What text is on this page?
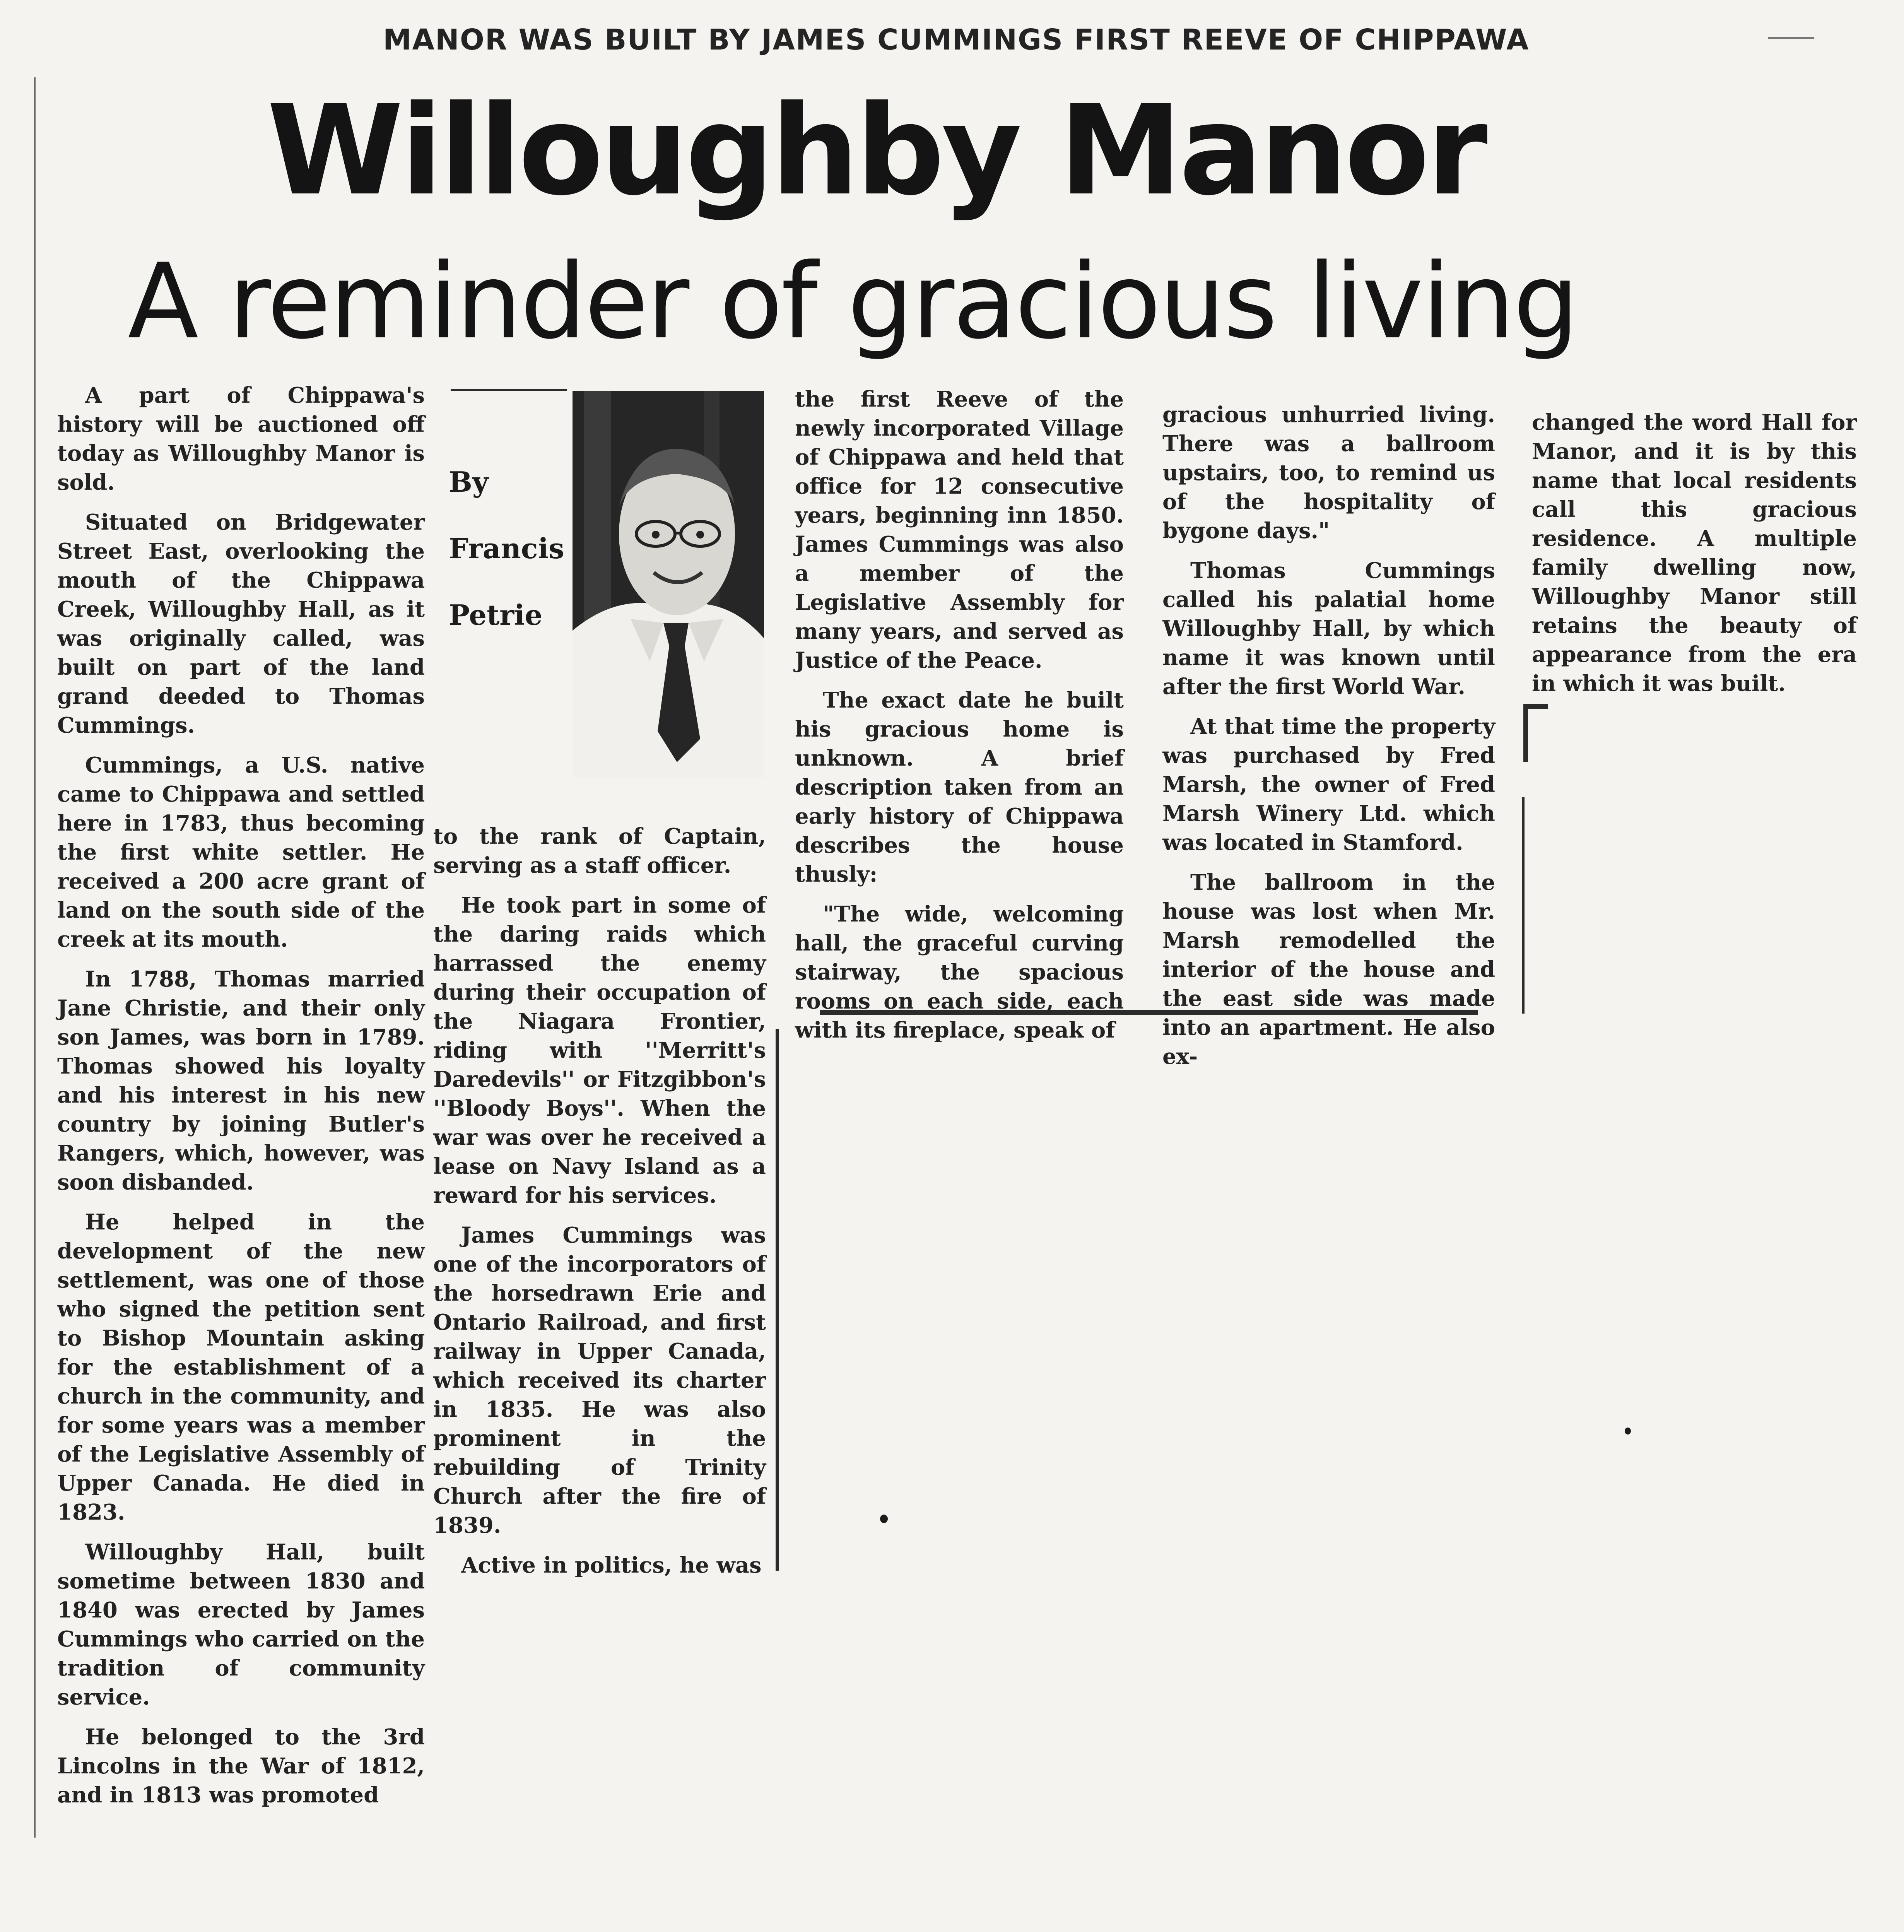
MANOR WAS BUILT BY JAMES CUMMINGS FIRST REEVE OF CHIPPAWA
Willoughby Manor
A reminder of gracious living

A part of Chippawa's history will be auctioned off today as Willoughby Manor is sold.

Situated on Bridgewater Street East, overlooking the mouth of the Chippawa Creek, Willoughby Hall, as it was originally called, was built on part of the land grand deeded to Thomas Cummings.

Cummings, a U.S. native came to Chippawa and settled here in 1783, thus becoming the first white settler. He received a 200 acre grant of land on the south side of the creek at its mouth.

In 1788, Thomas married Jane Christie, and their only son James, was born in 1789. Thomas showed his loyalty and his interest in his new country by joining Butler's Rangers, which, however, was soon disbanded.

He helped in the development of the new settlement, was one of those who signed the petition sent to Bishop Mountain asking for the establishment of a church in the community, and for some years was a member of the Legislative Assembly of Upper Canada. He died in 1823.

Willoughby Hall, built sometime between 1830 and 1840 was erected by James Cummings who carried on the tradition of community service.

He belonged to the 3rd Lincolns in the War of 1812, and in 1813 was promoted

By
Francis
Petrie

to the rank of Captain, serving as a staff officer.

He took part in some of the daring raids which harrassed the enemy during their occupation of the Niagara Frontier, riding with ''Merritt's Daredevils'' or Fitzgibbon's ''Bloody Boys''. When the war was over he received a lease on Navy Island as a reward for his services.

James Cummings was one of the incorporators of the horsedrawn Erie and Ontario Railroad, and first railway in Upper Canada, which received its charter in 1835. He was also prominent in the rebuilding of Trinity Church after the fire of 1839.

Active in politics, he was

the first Reeve of the newly incorporated Village of Chippawa and held that office for 12 consecutive years, beginning inn 1850. James Cummings was also a member of the Legislative Assembly for many years, and served as Justice of the Peace.

The exact date he built his gracious home is unknown. A brief description taken from an early history of Chippawa describes the house thusly:

"The wide, welcoming hall, the graceful curving stairway, the spacious rooms on each side, each with its fireplace, speak of

gracious unhurried living. There was a ballroom upstairs, too, to remind us of the hospitality of bygone days."

Thomas Cummings called his palatial home Willoughby Hall, by which name it was known until after the first World War.

At that time the property was purchased by Fred Marsh, the owner of Fred Marsh Winery Ltd. which was located in Stamford.

The ballroom in the house was lost when Mr. Marsh remodelled the interior of the house and the east side was made into an apartment. He also ex-

changed the word Hall for Manor, and it is by this name that local residents call this gracious residence. A multiple family dwelling now, Willoughby Manor still retains the beauty of appearance from the era in which it was built.
